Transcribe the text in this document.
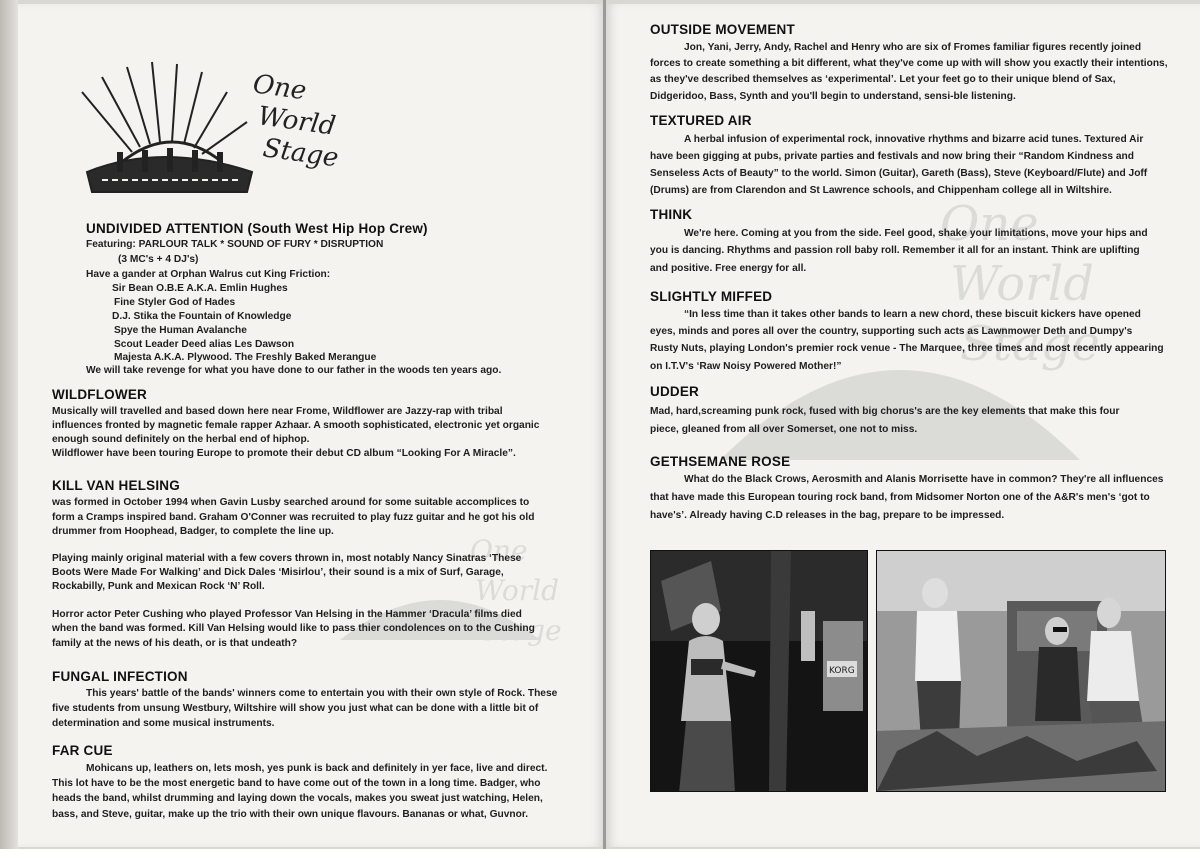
One
World
Stage
UNDIVIDED ATTENTION (South West Hip Hop Crew)
Featuring: PARLOUR TALK * SOUND OF FURY * DISRUPTION
(3 MC's + 4 DJ's)
Have a gander at Orphan Walrus cut King Friction:
Sir Bean O.B.E A.K.A. Emlin Hughes
Fine Styler God of Hades
D.J. Stika the Fountain of Knowledge
Spye the Human Avalanche
Scout Leader Deed alias Les Dawson
Majesta A.K.A. Plywood. The Freshly Baked Merangue
We will take revenge for what you have done to our father in the woods ten years ago.
WILDFLOWER
Musically will travelled and based down here near Frome, Wildflower are Jazzy-rap with tribal
influences fronted by magnetic female rapper Azhaar. A smooth sophisticated, electronic yet organic
enough sound definitely on the herbal end of hiphop.
Wildflower have been touring Europe to promote their debut CD album “Looking For A Miracle”.
KILL VAN HELSING
was formed in October 1994 when Gavin Lusby searched around for some suitable accomplices to
form a Cramps inspired band. Graham O'Conner was recruited to play fuzz guitar and he got his old
drummer from Hoophead, Badger, to complete the line up.
Playing mainly original material with a few covers thrown in, most notably Nancy Sinatras ‘These
Boots Were Made For Walking’ and Dick Dales ‘Misirlou’, their sound is a mix of Surf, Garage,
Rockabilly, Punk and Mexican Rock ‘N’ Roll.
Horror actor Peter Cushing who played Professor Van Helsing in the Hammer ‘Dracula’ films died
when the band was formed. Kill Van Helsing would like to pass thier condolences on to the Cushing
family at the news of his death, or is that undeath?
FUNGAL INFECTION
This years' battle of the bands' winners come to entertain you with their own style of Rock. These
five students from unsung Westbury, Wiltshire will show you just what can be done with a little bit of
determination and some musical instruments.
FAR CUE
Mohicans up, leathers on, lets mosh, yes punk is back and definitely in yer face, live and direct.
This lot have to be the most energetic band to have come out of the town in a long time. Badger, who
heads the band, whilst drumming and laying down the vocals, makes you sweat just watching, Helen,
bass, and Steve, guitar, make up the trio with their own unique flavours. Bananas or what, Guvnor.
OUTSIDE MOVEMENT
Jon, Yani, Jerry, Andy, Rachel and Henry who are six of Fromes familiar figures recently joined
forces to create something a bit different, what they've come up with will show you exactly their intentions,
as they've described themselves as ‘experimental’. Let your feet go to their unique blend of Sax,
Didgeridoo, Bass, Synth and you'll begin to understand, sensi-ble listening.
TEXTURED AIR
A herbal infusion of experimental rock, innovative rhythms and bizarre acid tunes. Textured Air
have been gigging at pubs, private parties and festivals and now bring their “Random Kindness and
Senseless Acts of Beauty” to the world. Simon (Guitar), Gareth (Bass), Steve (Keyboard/Flute) and Joff
(Drums) are from Clarendon and St Lawrence schools, and Chippenham college all in Wiltshire.
THINK
We're here. Coming at you from the side. Feel good, shake your limitations, move your hips and
you is dancing. Rhythms and passion roll baby roll. Remember it all for an instant. Think are uplifting
and positive. Free energy for all.
SLIGHTLY MIFFED
“In less time than it takes other bands to learn a new chord, these biscuit kickers have opened
eyes, minds and pores all over the country, supporting such acts as Lawnmower Deth and Dumpy's
Rusty Nuts, playing London's premier rock venue - The Marquee, three times and most recently appearing
on I.T.V's ‘Raw Noisy Powered Mother!”
UDDER
Mad, hard,screaming punk rock, fused with big chorus's are the key elements that make this four
piece, gleaned from all over Somerset, one not to miss.
GETHSEMANE ROSE
What do the Black Crows, Aerosmith and Alanis Morrisette have in common? They're all influences
that have made this European touring rock band, from Midsomer Norton one of the A&R's men's ‘got to
have's’. Already having C.D releases in the bag, prepare to be impressed.
KORG
